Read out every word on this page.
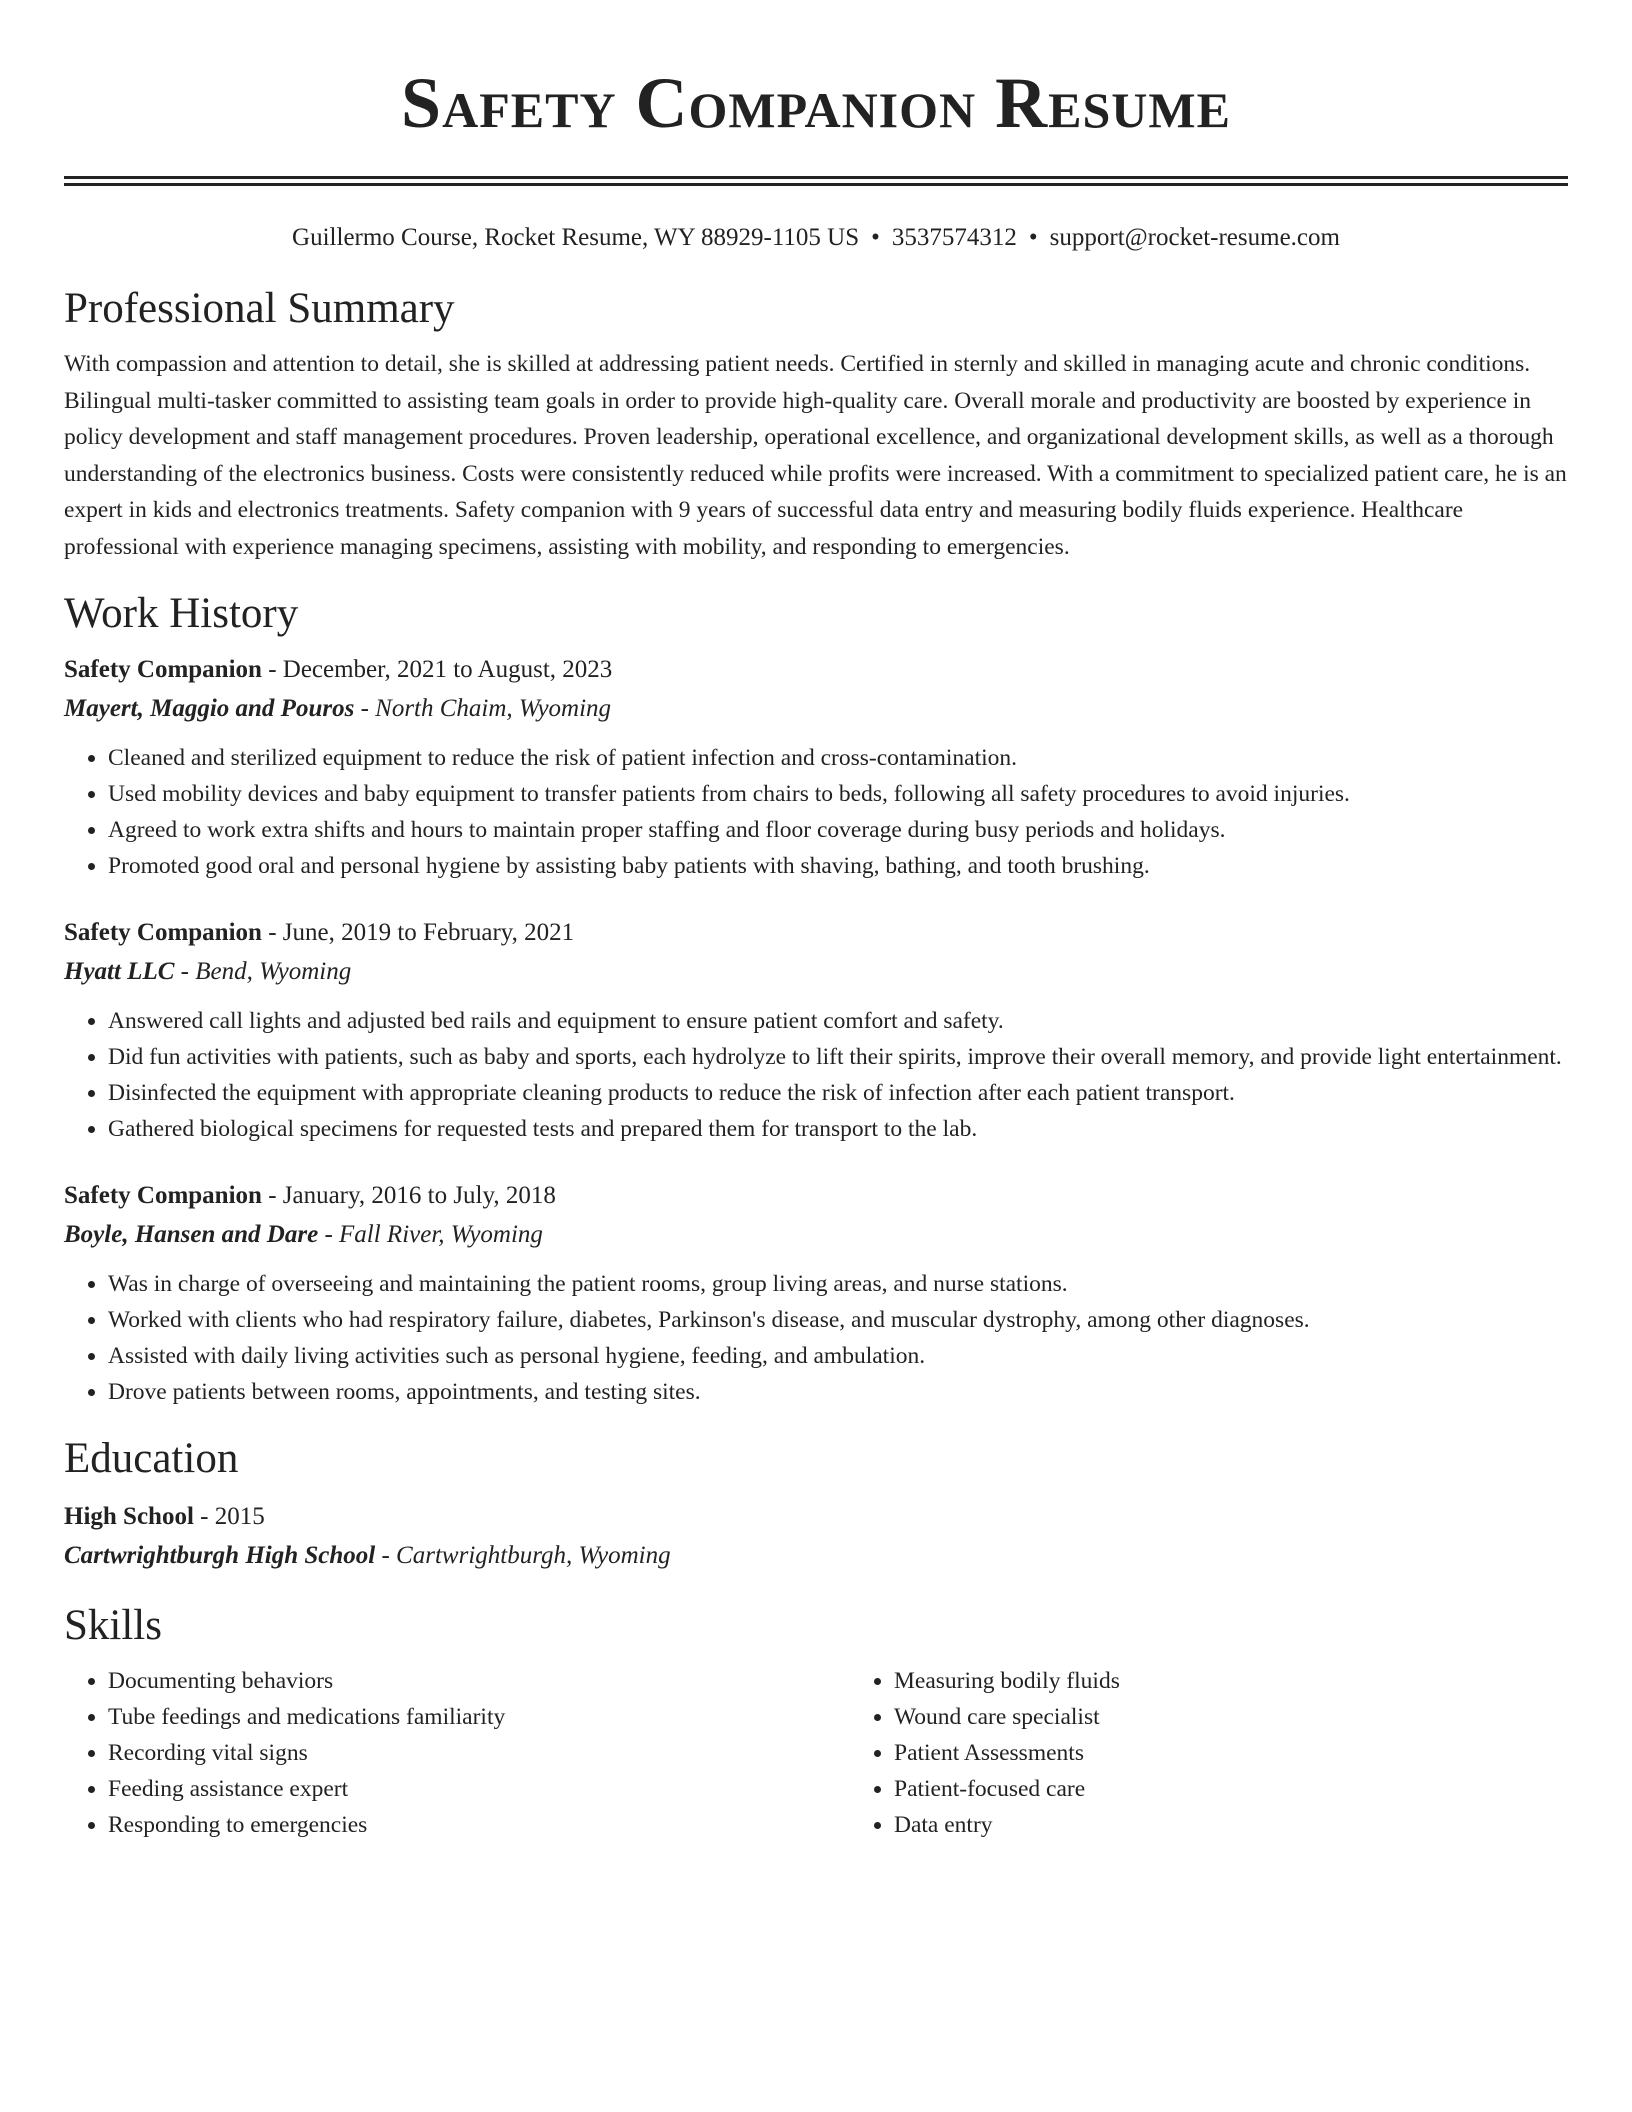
Safety Companion Resume
Guillermo Course, Rocket Resume, WY 88929-1105 US • 3537574312 • support@rocket-resume.com
Professional Summary

With compassion and attention to detail, she is skilled at addressing patient needs. Certified in sternly and skilled in managing acute and chronic conditions. Bilingual multi-tasker committed to assisting team goals in order to provide high-quality care. Overall morale and productivity are boosted by experience in policy development and staff management procedures. Proven leadership, operational excellence, and organizational development skills, as well as a thorough understanding of the electronics business. Costs were consistently reduced while profits were increased. With a commitment to specialized patient care, he is an expert in kids and electronics treatments. Safety companion with 9 years of successful data entry and measuring bodily fluids experience. Healthcare professional with experience managing specimens, assisting with mobility, and responding to emergencies.

Work History

Safety Companion - December, 2021 to August, 2023

Mayert, Maggio and Pouros - North Chaim, Wyoming

• Cleaned and sterilized equipment to reduce the risk of patient infection and cross-contamination.
• Used mobility devices and baby equipment to transfer patients from chairs to beds, following all safety procedures to avoid injuries.
• Agreed to work extra shifts and hours to maintain proper staffing and floor coverage during busy periods and holidays.
• Promoted good oral and personal hygiene by assisting baby patients with shaving, bathing, and tooth brushing.

Safety Companion - June, 2019 to February, 2021

Hyatt LLC - Bend, Wyoming

• Answered call lights and adjusted bed rails and equipment to ensure patient comfort and safety.
• Did fun activities with patients, such as baby and sports, each hydrolyze to lift their spirits, improve their overall memory, and provide light entertainment.
• Disinfected the equipment with appropriate cleaning products to reduce the risk of infection after each patient transport.
• Gathered biological specimens for requested tests and prepared them for transport to the lab.

Safety Companion - January, 2016 to July, 2018

Boyle, Hansen and Dare - Fall River, Wyoming

• Was in charge of overseeing and maintaining the patient rooms, group living areas, and nurse stations.
• Worked with clients who had respiratory failure, diabetes, Parkinson's disease, and muscular dystrophy, among other diagnoses.
• Assisted with daily living activities such as personal hygiene, feeding, and ambulation.
• Drove patients between rooms, appointments, and testing sites.
Education

High School - 2015

Cartwrightburgh High School - Cartwrightburgh, Wyoming

Skills
• Documenting behaviors
• Tube feedings and medications familiarity
• Recording vital signs
• Feeding assistance expert
• Responding to emergencies
• Measuring bodily fluids
• Wound care specialist
• Patient Assessments
• Patient-focused care
• Data entry
